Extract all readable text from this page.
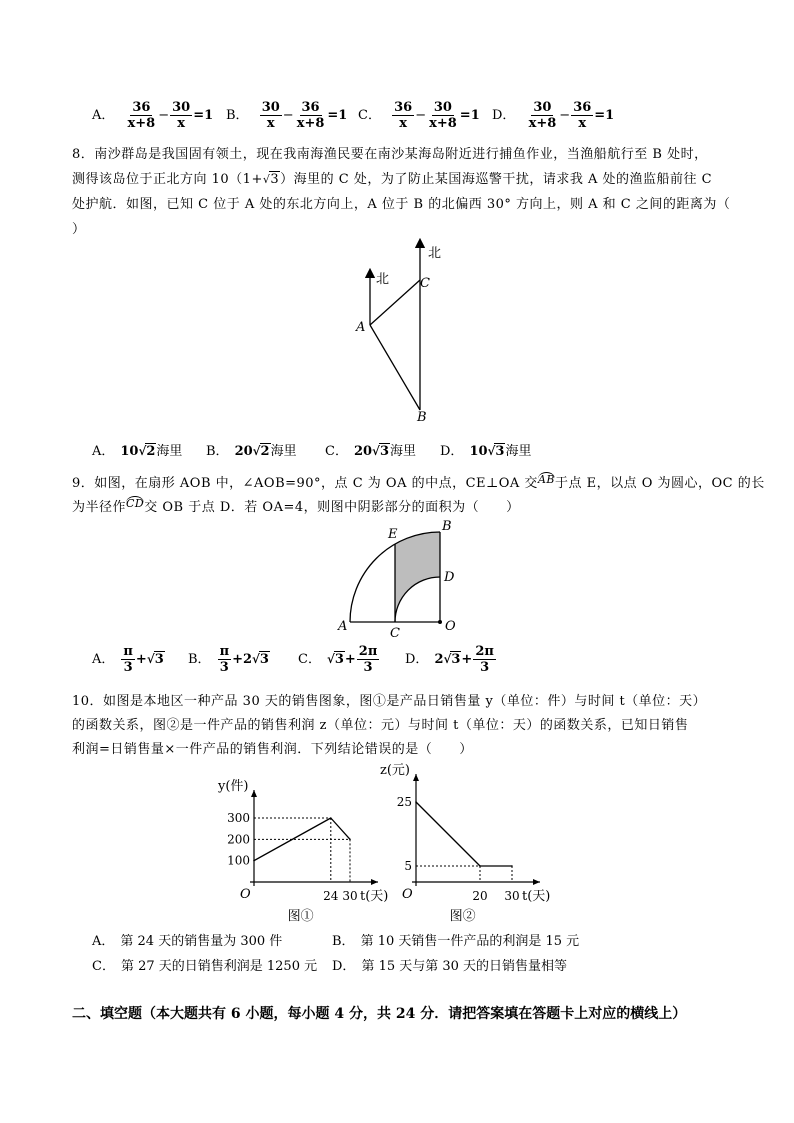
A． $\frac{36}{x+8} - \frac{30}{x} =1$ B． $\frac{30}{x} - \frac{36}{x+8} =1$ C． $\frac{36}{x} - \frac{30}{x+8} =1$ D． $\frac{30}{x+8} - \frac{36}{x} =1$
8．南沙群岛是我国固有领土，现在我南海渔民要在南沙某海岛附近进行捕鱼作业，当渔船航行至 B 处时，
测得该岛位于正北方向 10（1+√3）海里的 C 处，为了防止某国海巡警干扰，请求我 A 处的渔监船前往 C
处护航．如图，已知 C 位于 A 处的东北方向上，A 位于 B 的北偏西 30° 方向上，则 A 和 C 之间的距离为（
）
北
北
A
C
B
A． 10√2海里 B． 20√2海里 C． 20√3海里 D． 10√3海里
9．如图，在扇形 AOB 中，∠AOB=90°，点 C 为 OA 的中点，CE⊥OA 交$^{AB}$于点 E，以点 O 为圆心，OC 的长
为半径作$^{CD}$交 OB 于点 D．若 OA=4，则图中阴影部分的面积为（　　）
A
B
C
D
E
O
A． $\frac{\pi}{3} +√3$ B． $\frac{\pi}{3} +2√3$ C． $√3+ \frac{2\pi}{3}$ D． $2√3+ \frac{2\pi}{3}$
10．如图是本地区一种产品 30 天的销售图象，图①是产品日销售量 y（单位：件）与时间 t（单位：天）
的函数关系，图②是一件产品的销售利润 z（单位：元）与时间 t（单位：天）的函数关系，已知日销售
利润=日销售量×一件产品的销售利润．下列结论错误的是（　　）
y(件)
t(天)
O
图①
100
200
300
24 30
z(元)
t(天)
O
图②
5
25
20 30
A． 第 24 天的销售量为 300 件	B． 第 10 天销售一件产品的利润是 15 元
C． 第 27 天的日销售利润是 1250 元 D． 第 15 天与第 30 天的日销售量相等
二、填空题（本大题共有 6 小题，每小题 4 分，共 24 分．请把答案填在答题卡上对应的横线上）
